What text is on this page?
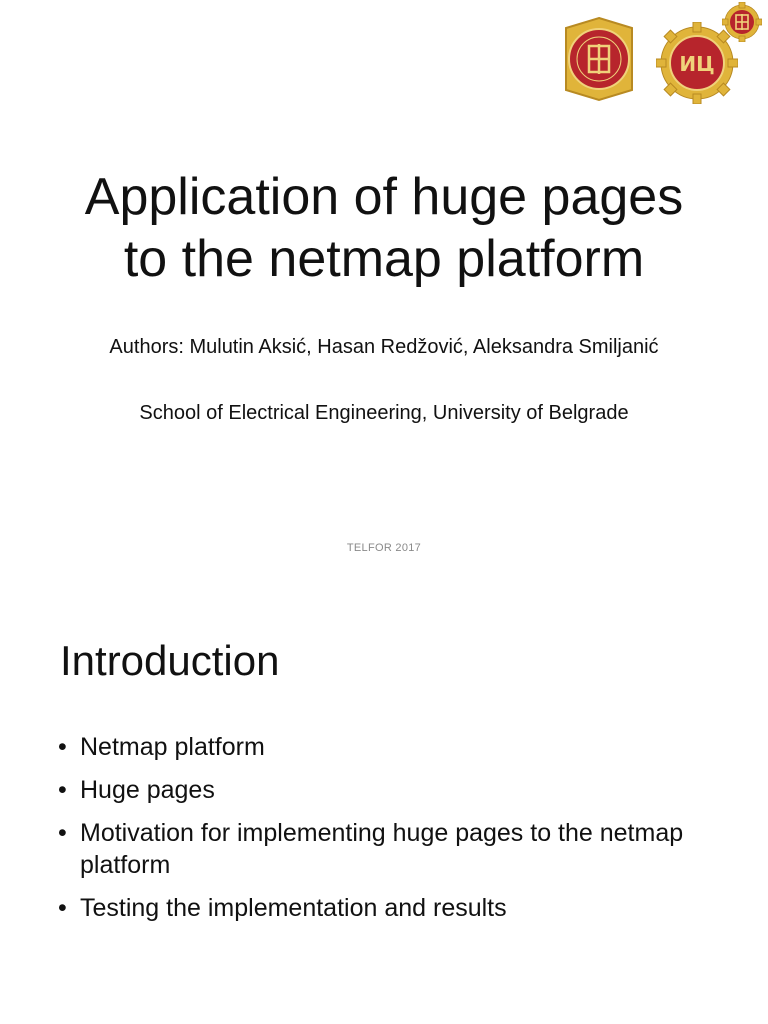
ИЦ
Application of huge pages
to the netmap platform
Authors: Mulutin Aksić, Hasan Redžović, Aleksandra Smiljanić
School of Electrical Engineering, University of Belgrade
TELFOR 2017
Introduction
• Netmap platform
• Huge pages
• Motivation for implementing huge pages to the netmap platform
• Testing the implementation and results
